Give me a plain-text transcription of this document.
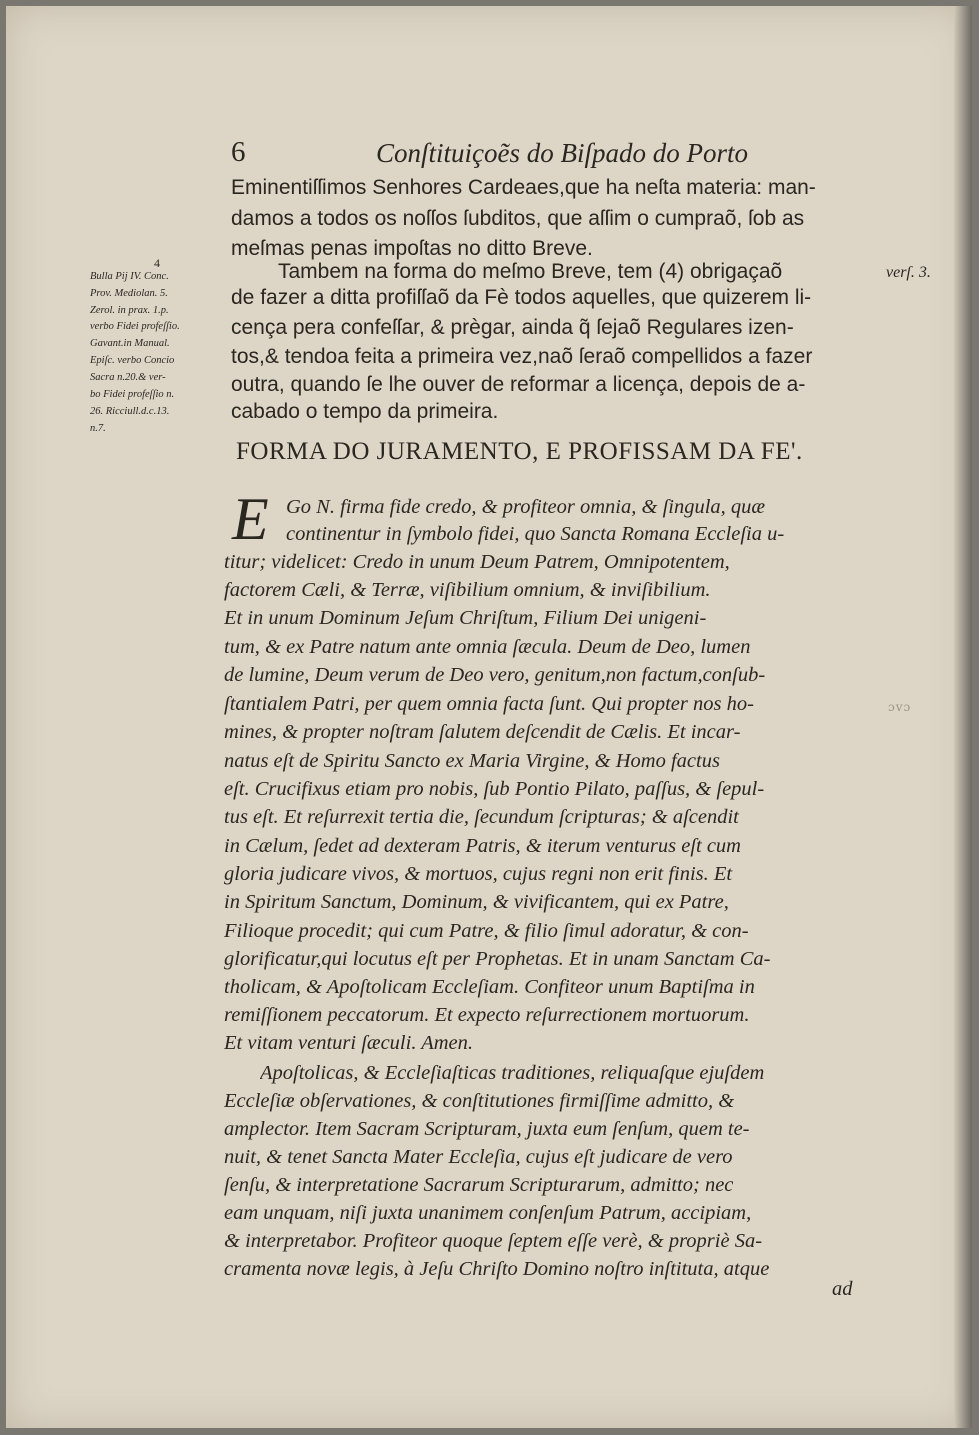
6	Conſtituiçoẽs do Biſpado do Porto
Eminentiſſimos Senhores Cardeaes,que ha neſta materia: man-
damos a todos os noſſos ſubditos, que aſſim o cumpraõ, ſob as
meſmas penas impoſtas no ditto Breve.
Tambem na forma do meſmo Breve, tem (4) obrigaçaõ
de fazer a ditta profiſſaõ da Fè todos aquelles, que quizerem li-
cença pera confeſſar, & prègar, ainda q̃ ſejaõ Regulares izen-
tos,& tendoa feita a primeira vez,naõ ſeraõ compellidos a fazer
outra, quando ſe lhe ouver de reformar a licença, depois de a-
cabado o tempo da primeira.
4
Bulla Pij IV. Conc.
Prov. Mediolan. 5.
Zerol. in prax. 1.p.
verbo Fidei profeſſio.
Gavant.in Manual.
Epiſc. verbo Concio
Sacra n.20.& ver-
bo Fidei profeſſio n.
26. Ricciull.d.c.13.
n.7.
verſ. 3.
ɔvɔ
FORMA DO JURAMENTO, E PROFISSAM DA FE'.
E Go N. firma fide credo, & profiteor omnia, & ſingula, quæ
continentur in ſymbolo fidei, quo Sancta Romana Eccleſia u-
titur; videlicet: Credo in unum Deum Patrem, Omnipotentem,
factorem Cæli, & Terræ, viſibilium omnium, & inviſibilium.
Et in unum Dominum Jeſum Chriſtum, Filium Dei unigeni-
tum, & ex Patre natum ante omnia ſæcula. Deum de Deo, lumen
de lumine, Deum verum de Deo vero, genitum,non factum,conſub-
ſtantialem Patri, per quem omnia facta ſunt. Qui propter nos ho-
mines, & propter noſtram ſalutem deſcendit de Cælis. Et incar-
natus eſt de Spiritu Sancto ex Maria Virgine, & Homo factus
eſt. Crucifixus etiam pro nobis, ſub Pontio Pilato, paſſus, & ſepul-
tus eſt. Et reſurrexit tertia die, ſecundum ſcripturas; & aſcendit
in Cælum, ſedet ad dexteram Patris, & iterum venturus eſt cum
gloria judicare vivos, & mortuos, cujus regni non erit finis. Et
in Spiritum Sanctum, Dominum, & vivificantem, qui ex Patre,
Filioque procedit; qui cum Patre, & filio ſimul adoratur, & con-
glorificatur,qui locutus eſt per Prophetas. Et in unam Sanctam Ca-
tholicam, & Apoſtolicam Eccleſiam. Confiteor unum Baptiſma in
remiſſionem peccatorum. Et expecto reſurrectionem mortuorum.
Et vitam venturi ſæculi. Amen.
Apoſtolicas, & Eccleſiaſticas traditiones, reliquaſque ejuſdem
Eccleſiæ obſervationes, & conſtitutiones firmiſſime admitto, &
amplector. Item Sacram Scripturam, juxta eum ſenſum, quem te-
nuit, & tenet Sancta Mater Eccleſia, cujus eſt judicare de vero
ſenſu, & interpretatione Sacrarum Scripturarum, admitto; nec
eam unquam, niſi juxta unanimem conſenſum Patrum, accipiam,
& interpretabor. Profiteor quoque ſeptem eſſe verè, & propriè Sa-
cramenta novæ legis, à Jeſu Chriſto Domino noſtro inſtituta, atque
ad
